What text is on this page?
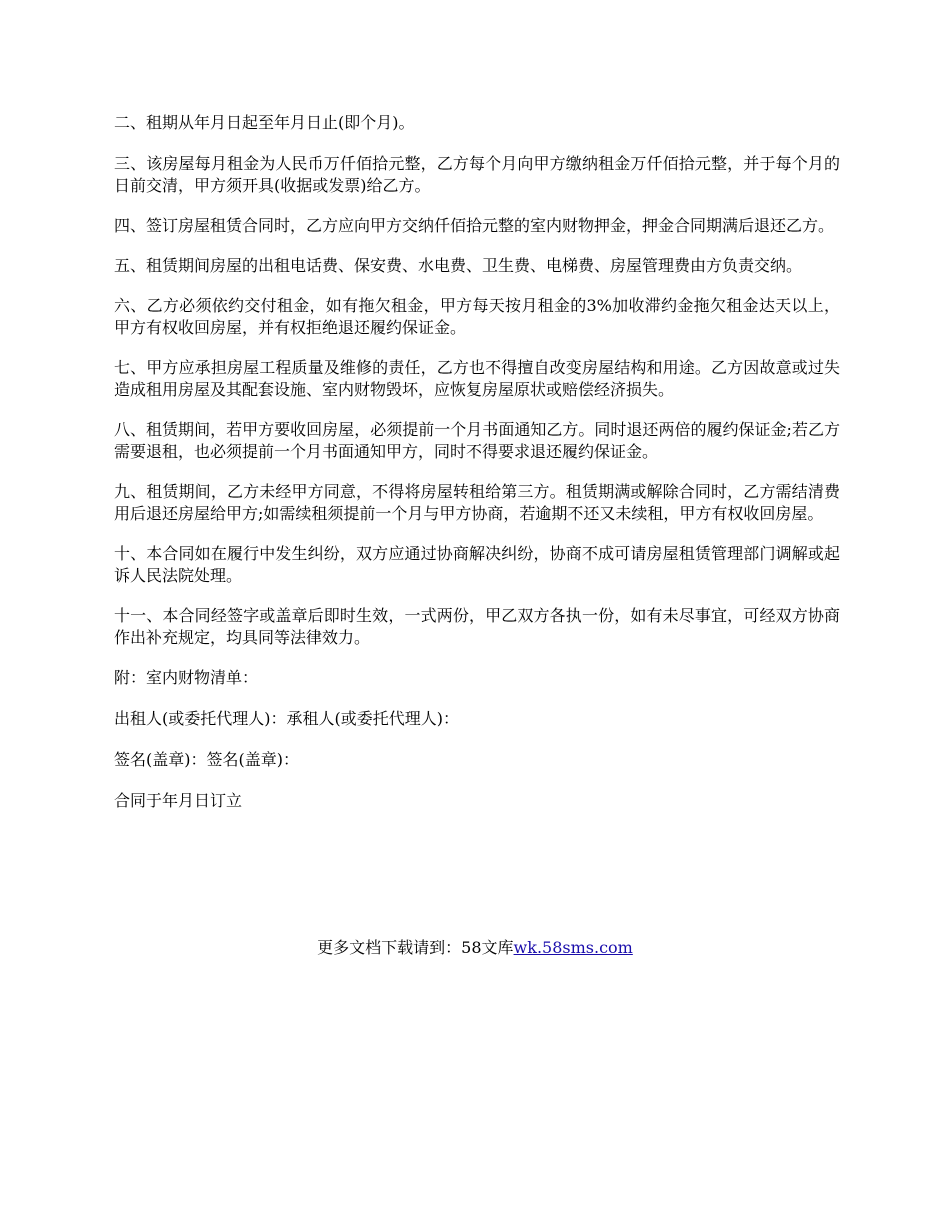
二、租期从年月日起至年月日止(即个月)。

三、该房屋每月租金为人民币万仟佰拾元整，乙方每个月向甲方缴纳租金万仟佰拾元整，并于每个月的日前交清，甲方须开具(收据或发票)给乙方。

四、签订房屋租赁合同时，乙方应向甲方交纳仟佰拾元整的室内财物押金，押金合同期满后退还乙方。

五、租赁期间房屋的出租电话费、保安费、水电费、卫生费、电梯费、房屋管理费由方负责交纳。

六、乙方必须依约交付租金，如有拖欠租金，甲方每天按月租金的3%加收滞约金拖欠租金达天以上，甲方有权收回房屋，并有权拒绝退还履约保证金。

七、甲方应承担房屋工程质量及维修的责任，乙方也不得擅自改变房屋结构和用途。乙方因故意或过失造成租用房屋及其配套设施、室内财物毁坏，应恢复房屋原状或赔偿经济损失。

八、租赁期间，若甲方要收回房屋，必须提前一个月书面通知乙方。同时退还两倍的履约保证金;若乙方需要退租，也必须提前一个月书面通知甲方，同时不得要求退还履约保证金。

九、租赁期间，乙方未经甲方同意，不得将房屋转租给第三方。租赁期满或解除合同时，乙方需结清费用后退还房屋给甲方;如需续租须提前一个月与甲方协商，若逾期不还又未续租，甲方有权收回房屋。

十、本合同如在履行中发生纠纷，双方应通过协商解决纠纷，协商不成可请房屋租赁管理部门调解或起诉人民法院处理。

十一、本合同经签字或盖章后即时生效，一式两份，甲乙双方各执一份，如有未尽事宜，可经双方协商作出补充规定，均具同等法律效力。

附：室内财物清单：

出租人(或委托代理人)：承租人(或委托代理人)：

签名(盖章)：签名(盖章)：

合同于年月日订立

更多文档下载请到：58文库wk.58sms.com
